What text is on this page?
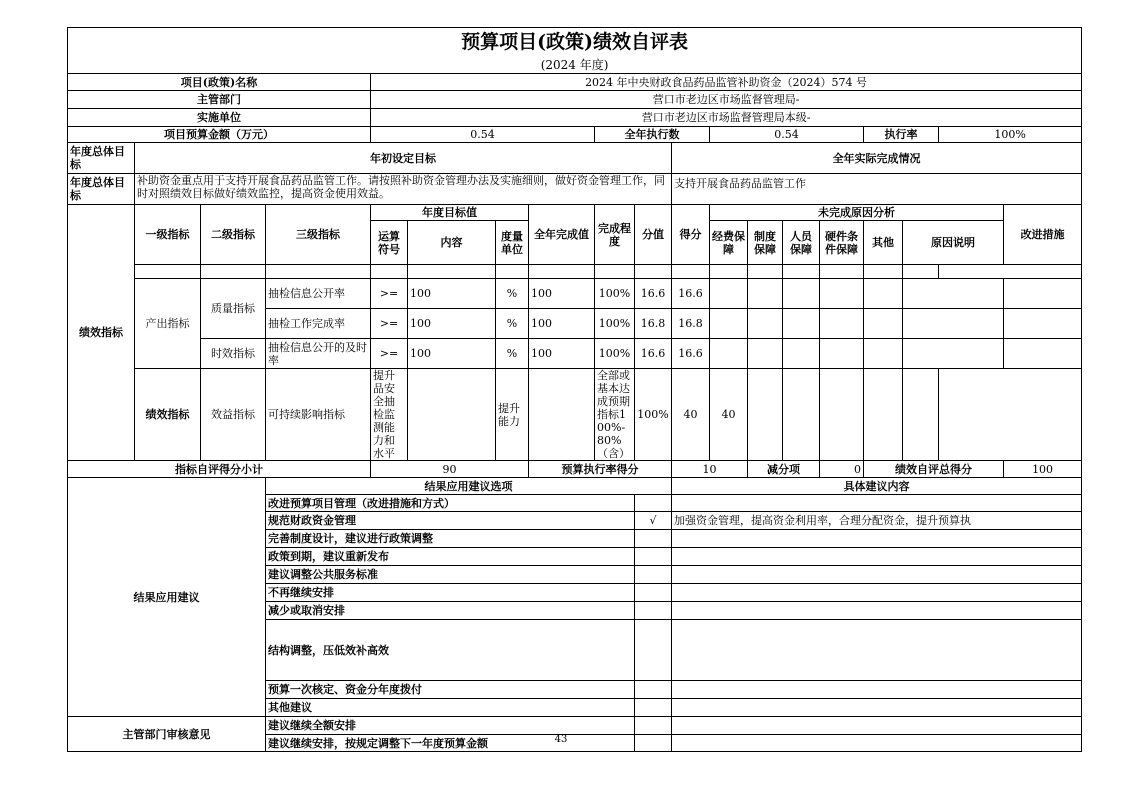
预算项目(政策)绩效自评表																			
(2024 年度)																			
项目(政策)名称				2024 年中央财政食品药品监管补助资金（2024）574 号															
主管部门				营口市老边区市场监督管理局-															
实施单位				营口市老边区市场监督管理局本级-															
项目预算金额（万元）				0.54				全年执行数			0.54				执行率		100%		
年度总体目标	年初设定目标									全年实际完成情况									
年度总体目标	补助资金重点用于支持开展食品药品监管工作。请按照补助资金管理办法及实施细则，做好资金管理工作，同时对照绩效目标做好绩效监控，提高资金使用效益。									支持开展食品药品监管工作									
绩效指标	一级指标	二级指标	三级指标	年度目标值			全年完成值	完成程度	分值	得分	未完成原因分析							改进措施	
				运算符号	内容	度量单位					经费保障	制度保障	人员保障	硬件条件保障	其他	原因说明			

	产出指标	质量指标	抽检信息公开率	>=	100	%	100	100%	16.6	16.6									
			抽检工作完成率	>=	100	%	100	100%	16.8	16.8									
		时效指标	抽检信息公开的及时率	>=	100	%	100	100%	16.6	16.6									
	绩效指标	效益指标	可持续影响指标	提升品安全抽检监测能力和水平		提升能力		全部或基本达成预期指标100%-80%（含）	100%	40	40								
指标自评得分小计				90			预算执行率得分			10		减分项		0	绩效自评总得分			100	
结果应用建议			结果应用建议选项							具体建议内容									
			改进预算项目管理（改进措施和方式）																
			规范财政资金管理						√	加强资金管理，提高资金利用率，合理分配资金，提升预算执									
			完善制度设计，建议进行政策调整																
			政策到期，建议重新发布																
			建议调整公共服务标准																
			不再继续安排																
			减少或取消安排																
			结构调整，压低效补高效																
			预算一次核定、资金分年度拨付																
			其他建议																
主管部门审核意见			建议继续全额安排																
			建议继续安排，按规定调整下一年度预算金额																	43
